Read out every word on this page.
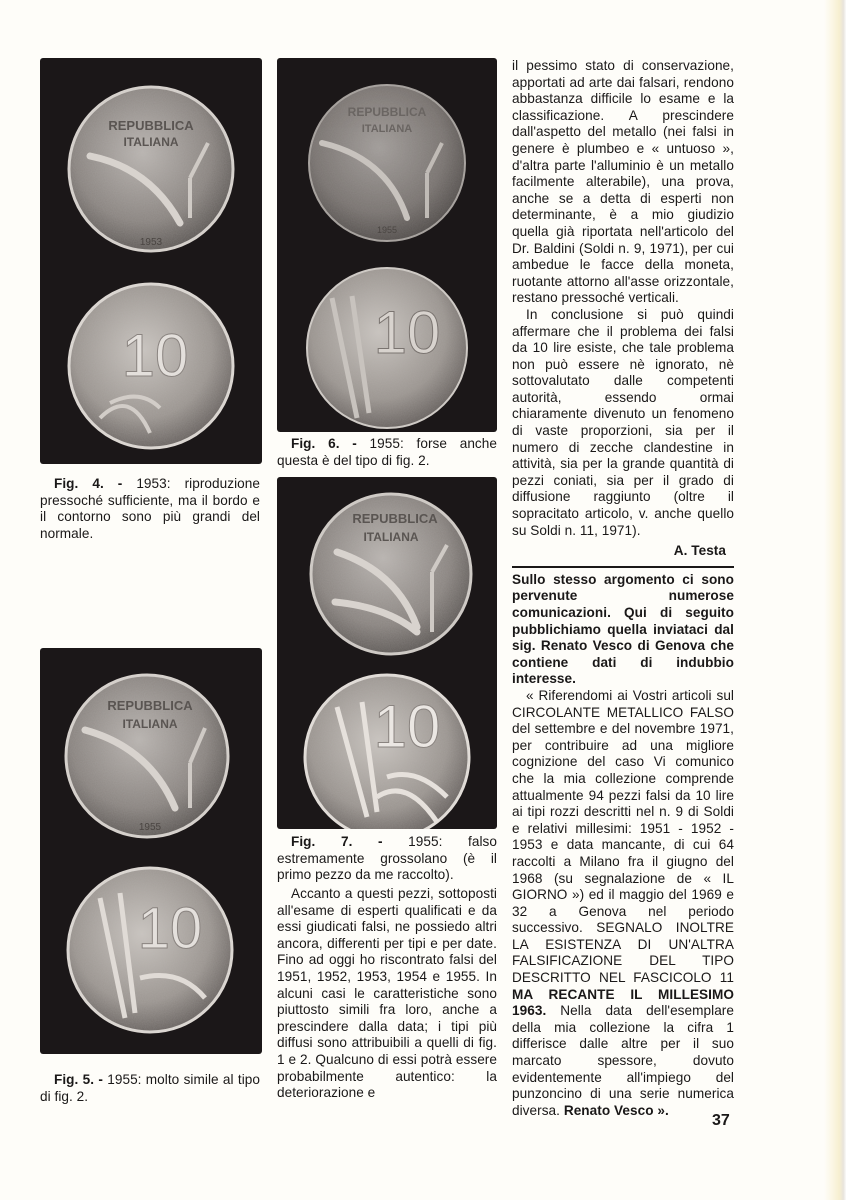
REPUBBLICA
ITALIANA
1953
10

Fig. 4. - 1953: riproduzione pressoché sufficiente, ma il bordo e il contorno sono più grandi del normale.

REPUBBLICA
ITALIANA
1955
10

Fig. 5. - 1955: molto simile al tipo di fig. 2.

REPUBBLICA
ITALIANA
1955
10

Fig. 6. - 1955: forse anche questa è del tipo di fig. 2.

REPUBBLICA
ITALIANA
10

Fig. 7. - 1955: falso estremamente grossolano (è il primo pezzo da me raccolto).

Accanto a questi pezzi, sottoposti all'esame di esperti qualificati e da essi giudicati falsi, ne possiedo altri ancora, differenti per tipi e per date. Fino ad oggi ho riscontrato falsi del 1951, 1952, 1953, 1954 e 1955. In alcuni casi le caratteristiche sono piuttosto simili fra loro, anche a prescindere dalla data; i tipi più diffusi sono attribuibili a quelli di fig. 1 e 2. Qualcuno di essi potrà essere probabilmente autentico: la deteriorazione e

il pessimo stato di conservazione, apportati ad arte dai falsari, rendono abbastanza difficile lo esame e la classificazione. A prescindere dall'aspetto del metallo (nei falsi in genere è plumbeo e « untuoso », d'altra parte l'alluminio è un metallo facilmente alterabile), una prova, anche se a detta di esperti non determinante, è a mio giudizio quella già riportata nell'articolo del Dr. Baldini (Soldi n. 9, 1971), per cui ambedue le facce della moneta, ruotante attorno all'asse orizzontale, restano pressoché verticali.

In conclusione si può quindi affermare che il problema dei falsi da 10 lire esiste, che tale problema non può essere nè ignorato, nè sottovalutato dalle competenti autorità, essendo ormai chiaramente divenuto un fenomeno di vaste proporzioni, sia per il numero di zecche clandestine in attività, sia per la grande quantità di pezzi coniati, sia per il grado di diffusione raggiunto (oltre il sopracitato articolo, v. anche quello su Soldi n. 11, 1971).

A. Testa

Sullo stesso argomento ci sono pervenute numerose comunicazioni. Qui di seguito pubblichiamo quella inviataci dal sig. Renato Vesco di Genova che contiene dati di indubbio interesse.

« Riferendomi ai Vostri articoli sul CIRCOLANTE METALLICO FALSO del settembre e del novembre 1971, per contribuire ad una migliore cognizione del caso Vi comunico che la mia collezione comprende attualmente 94 pezzi falsi da 10 lire ai tipi rozzi descritti nel n. 9 di Soldi e relativi millesimi: 1951 - 1952 - 1953 e data mancante, di cui 64 raccolti a Milano fra il giugno del 1968 (su segnalazione de « IL GIORNO ») ed il maggio del 1969 e 32 a Genova nel periodo successivo. SEGNALO INOLTRE LA ESISTENZA DI UN'ALTRA FALSIFICAZIONE DEL TIPO DESCRITTO NEL FASCICOLO 11 MA RECANTE IL MILLESIMO 1963. Nella data dell'esemplare della mia collezione la cifra 1 differisce dalle altre per il suo marcato spessore, dovuto evidentemente all'impiego del punzoncino di una serie numerica diversa. Renato Vesco ».

37
